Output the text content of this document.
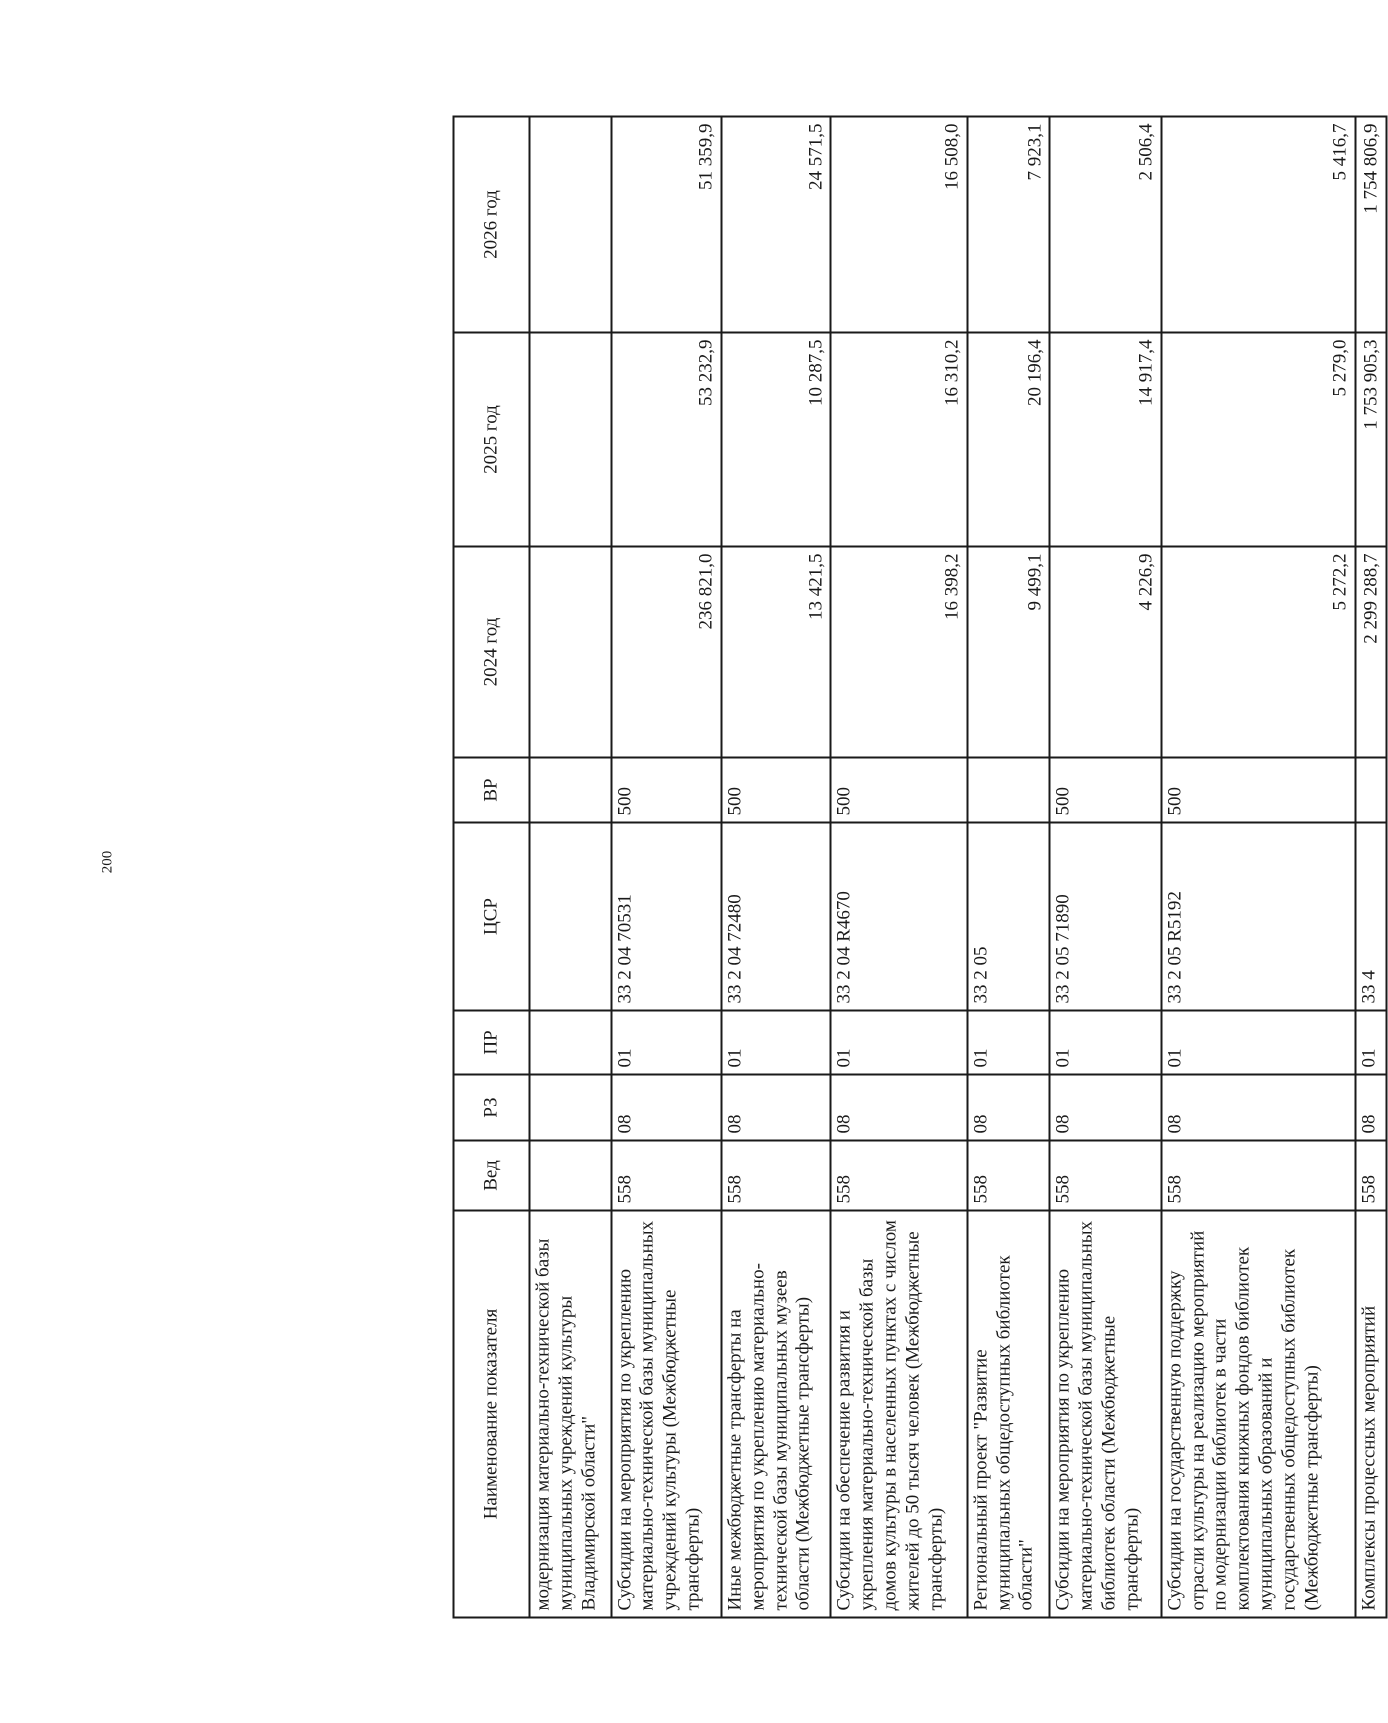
200
Наименование показателя	Вед	РЗ	ПР	ЦСР	ВР	2024 год	2025 год	2026 год
модернизация материально-технической базы муниципальных учреждений культуры Владимирской области"								
Субсидии на мероприятия по укреплению материально-технической базы муниципальных учреждений культуры (Межбюджетные трансферты)	558	08	01	33 2 04 70531	500	236 821,0	53 232,9	51 359,9
Иные межбюджетные трансферты на мероприятия по укреплению материально-технической базы муниципальных музеев области (Межбюджетные трансферты)	558	08	01	33 2 04 72480	500	13 421,5	10 287,5	24 571,5
Субсидии на обеспечение развития и укрепления материально-технической базы домов культуры в населенных пунктах с числом жителей до 50 тысяч человек (Межбюджетные трансферты)	558	08	01	33 2 04 R4670	500	16 398,2	16 310,2	16 508,0
Региональный проект "Развитие муниципальных общедоступных библиотек области"	558	08	01	33 2 05		9 499,1	20 196,4	7 923,1
Субсидии на мероприятия по укреплению материально-технической базы муниципальных библиотек области (Межбюджетные трансферты)	558	08	01	33 2 05 71890	500	4 226,9	14 917,4	2 506,4
Субсидии на государственную поддержку отрасли культуры на реализацию мероприятий по модернизации библиотек в части комплектования книжных фондов библиотек муниципальных образований и государственных общедоступных библиотек (Межбюджетные трансферты)	558	08	01	33 2 05 R5192	500	5 272,2	5 279,0	5 416,7
Комплексы процессных мероприятий	558	08	01	33 4		2 299 288,7	1 753 905,3	1 754 806,9
